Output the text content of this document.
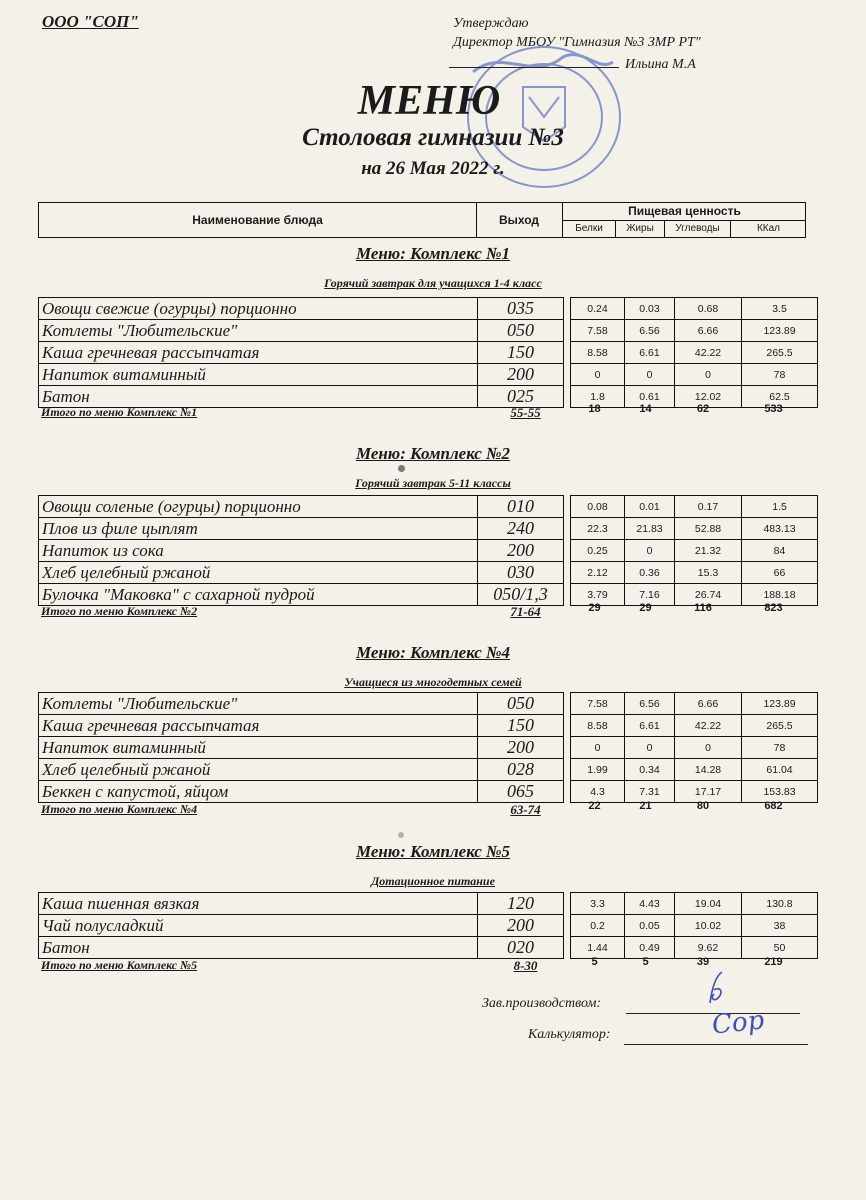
ООО "СОП"	Утверждаю
Директор МБОУ "Гимназия №3 ЗМР РТ"
Ильина М.А
МЕНЮ
Столовая гимназии №3
на 26 Мая 2022 г.
Наименование блюда	Выход
Пищевая ценность
Белки	Жиры	Углеводы	ККал
Меню: Комплекс №1
Горячий завтрак для учащихся 1-4 класс
Овощи свежие (огурцы) порционно	035		0.24	0.03	0.68	3.5
Котлеты "Любительские"	050		7.58	6.56	6.66	123.89
Каша гречневая рассыпчатая	150		8.58	6.61	42.22	265.5
Напиток витаминный	200		0	0	0	78
Батон	025		1.8	0.61	12.02	62.5
Итого по меню Комплекс №1	55-55	18	14	62	533
Меню: Комплекс №2
Горячий завтрак 5-11 классы
Овощи соленые (огурцы) порционно	010		0.08	0.01	0.17	1.5
Плов из филе цыплят	240		22.3	21.83	52.88	483.13
Напиток из сока	200		0.25	0	21.32	84
Хлеб целебный ржаной	030		2.12	0.36	15.3	66
Булочка "Маковка" с сахарной пудрой	050/1,3		3.79	7.16	26.74	188.18
Итого по меню Комплекс №2	71-64	29	29	116	823
Меню: Комплекс №4
Учащиеся из многодетных семей
Котлеты "Любительские"	050		7.58	6.56	6.66	123.89
Каша гречневая рассыпчатая	150		8.58	6.61	42.22	265.5
Напиток витаминный	200		0	0	0	78
Хлеб целебный ржаной	028		1.99	0.34	14.28	61.04
Беккен с капустой, яйцом	065		4.3	7.31	17.17	153.83
Итого по меню Комплекс №4	63-74	22	21	80	682
Меню: Комплекс №5
Дотационное питание
Каша пшенная вязкая	120		3.3	4.43	19.04	130.8
Чай полусладкий	200		0.2	0.05	10.02	38
Батон	020		1.44	0.49	9.62	50
Итого по меню Комплекс №5	8-30	5	5	39	219
Зав.производством:
Калькулятор:	Сор
